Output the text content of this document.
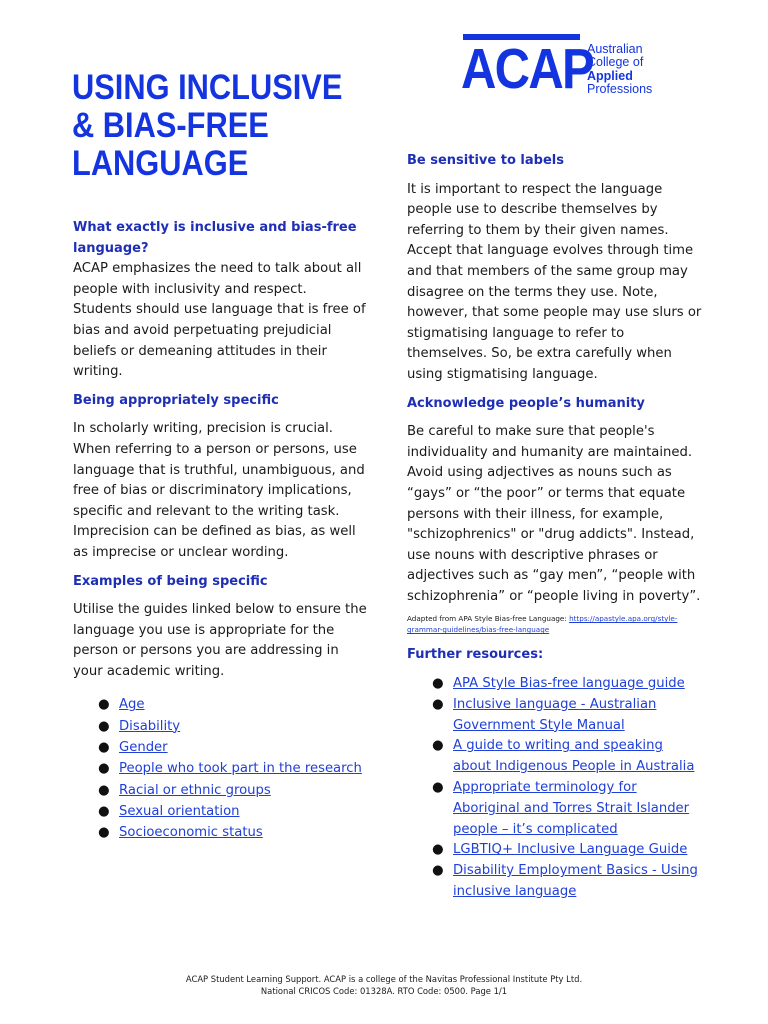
ACAP
Australian
College of
Applied
Professions
USING INCLUSIVE
& BIAS-FREE
LANGUAGE
What exactly is inclusive and bias-free language?

ACAP emphasizes the need to talk about all people with inclusivity and respect. Students should use language that is free of bias and avoid perpetuating prejudicial beliefs or demeaning attitudes in their writing.

Being appropriately specific

In scholarly writing, precision is crucial. When referring to a person or persons, use language that is truthful, unambiguous, and free of bias or discriminatory implications, specific and relevant to the writing task. Imprecision can be defined as bias, as well as imprecise or unclear wording.

Examples of being specific

Utilise the guides linked below to ensure the language you use is appropriate for the person or persons you are addressing in your academic writing.

● Age
● Disability
● Gender
● People who took part in the research
● Racial or ethnic groups
● Sexual orientation
● Socioeconomic status
Be sensitive to labels

It is important to respect the language people use to describe themselves by referring to them by their given names. Accept that language evolves through time and that members of the same group may disagree on the terms they use. Note, however, that some people may use slurs or stigmatising language to refer to themselves. So, be extra carefully when using stigmatising language.

Acknowledge people’s humanity

Be careful to make sure that people's individuality and humanity are maintained. Avoid using adjectives as nouns such as “gays” or “the poor” or terms that equate persons with their illness, for example, "schizophrenics" or "drug addicts". Instead, use nouns with descriptive phrases or adjectives such as “gay men”, “people with schizophrenia” or “people living in poverty”.

Adapted from APA Style Bias-free Language: https://apastyle.apa.org/style-grammar-guidelines/bias-free-language

Further resources:
● APA Style Bias-free language guide
● Inclusive language - Australian Government Style Manual
● A guide to writing and speaking about Indigenous People in Australia
● Appropriate terminology for Aboriginal and Torres Strait Islander people – it’s complicated
● LGBTIQ+ Inclusive Language Guide
● Disability Employment Basics - Using inclusive language
ACAP Student Learning Support. ACAP is a college of the Navitas Professional Institute Pty Ltd.
National CRICOS Code: 01328A. RTO Code: 0500. Page 1/1
